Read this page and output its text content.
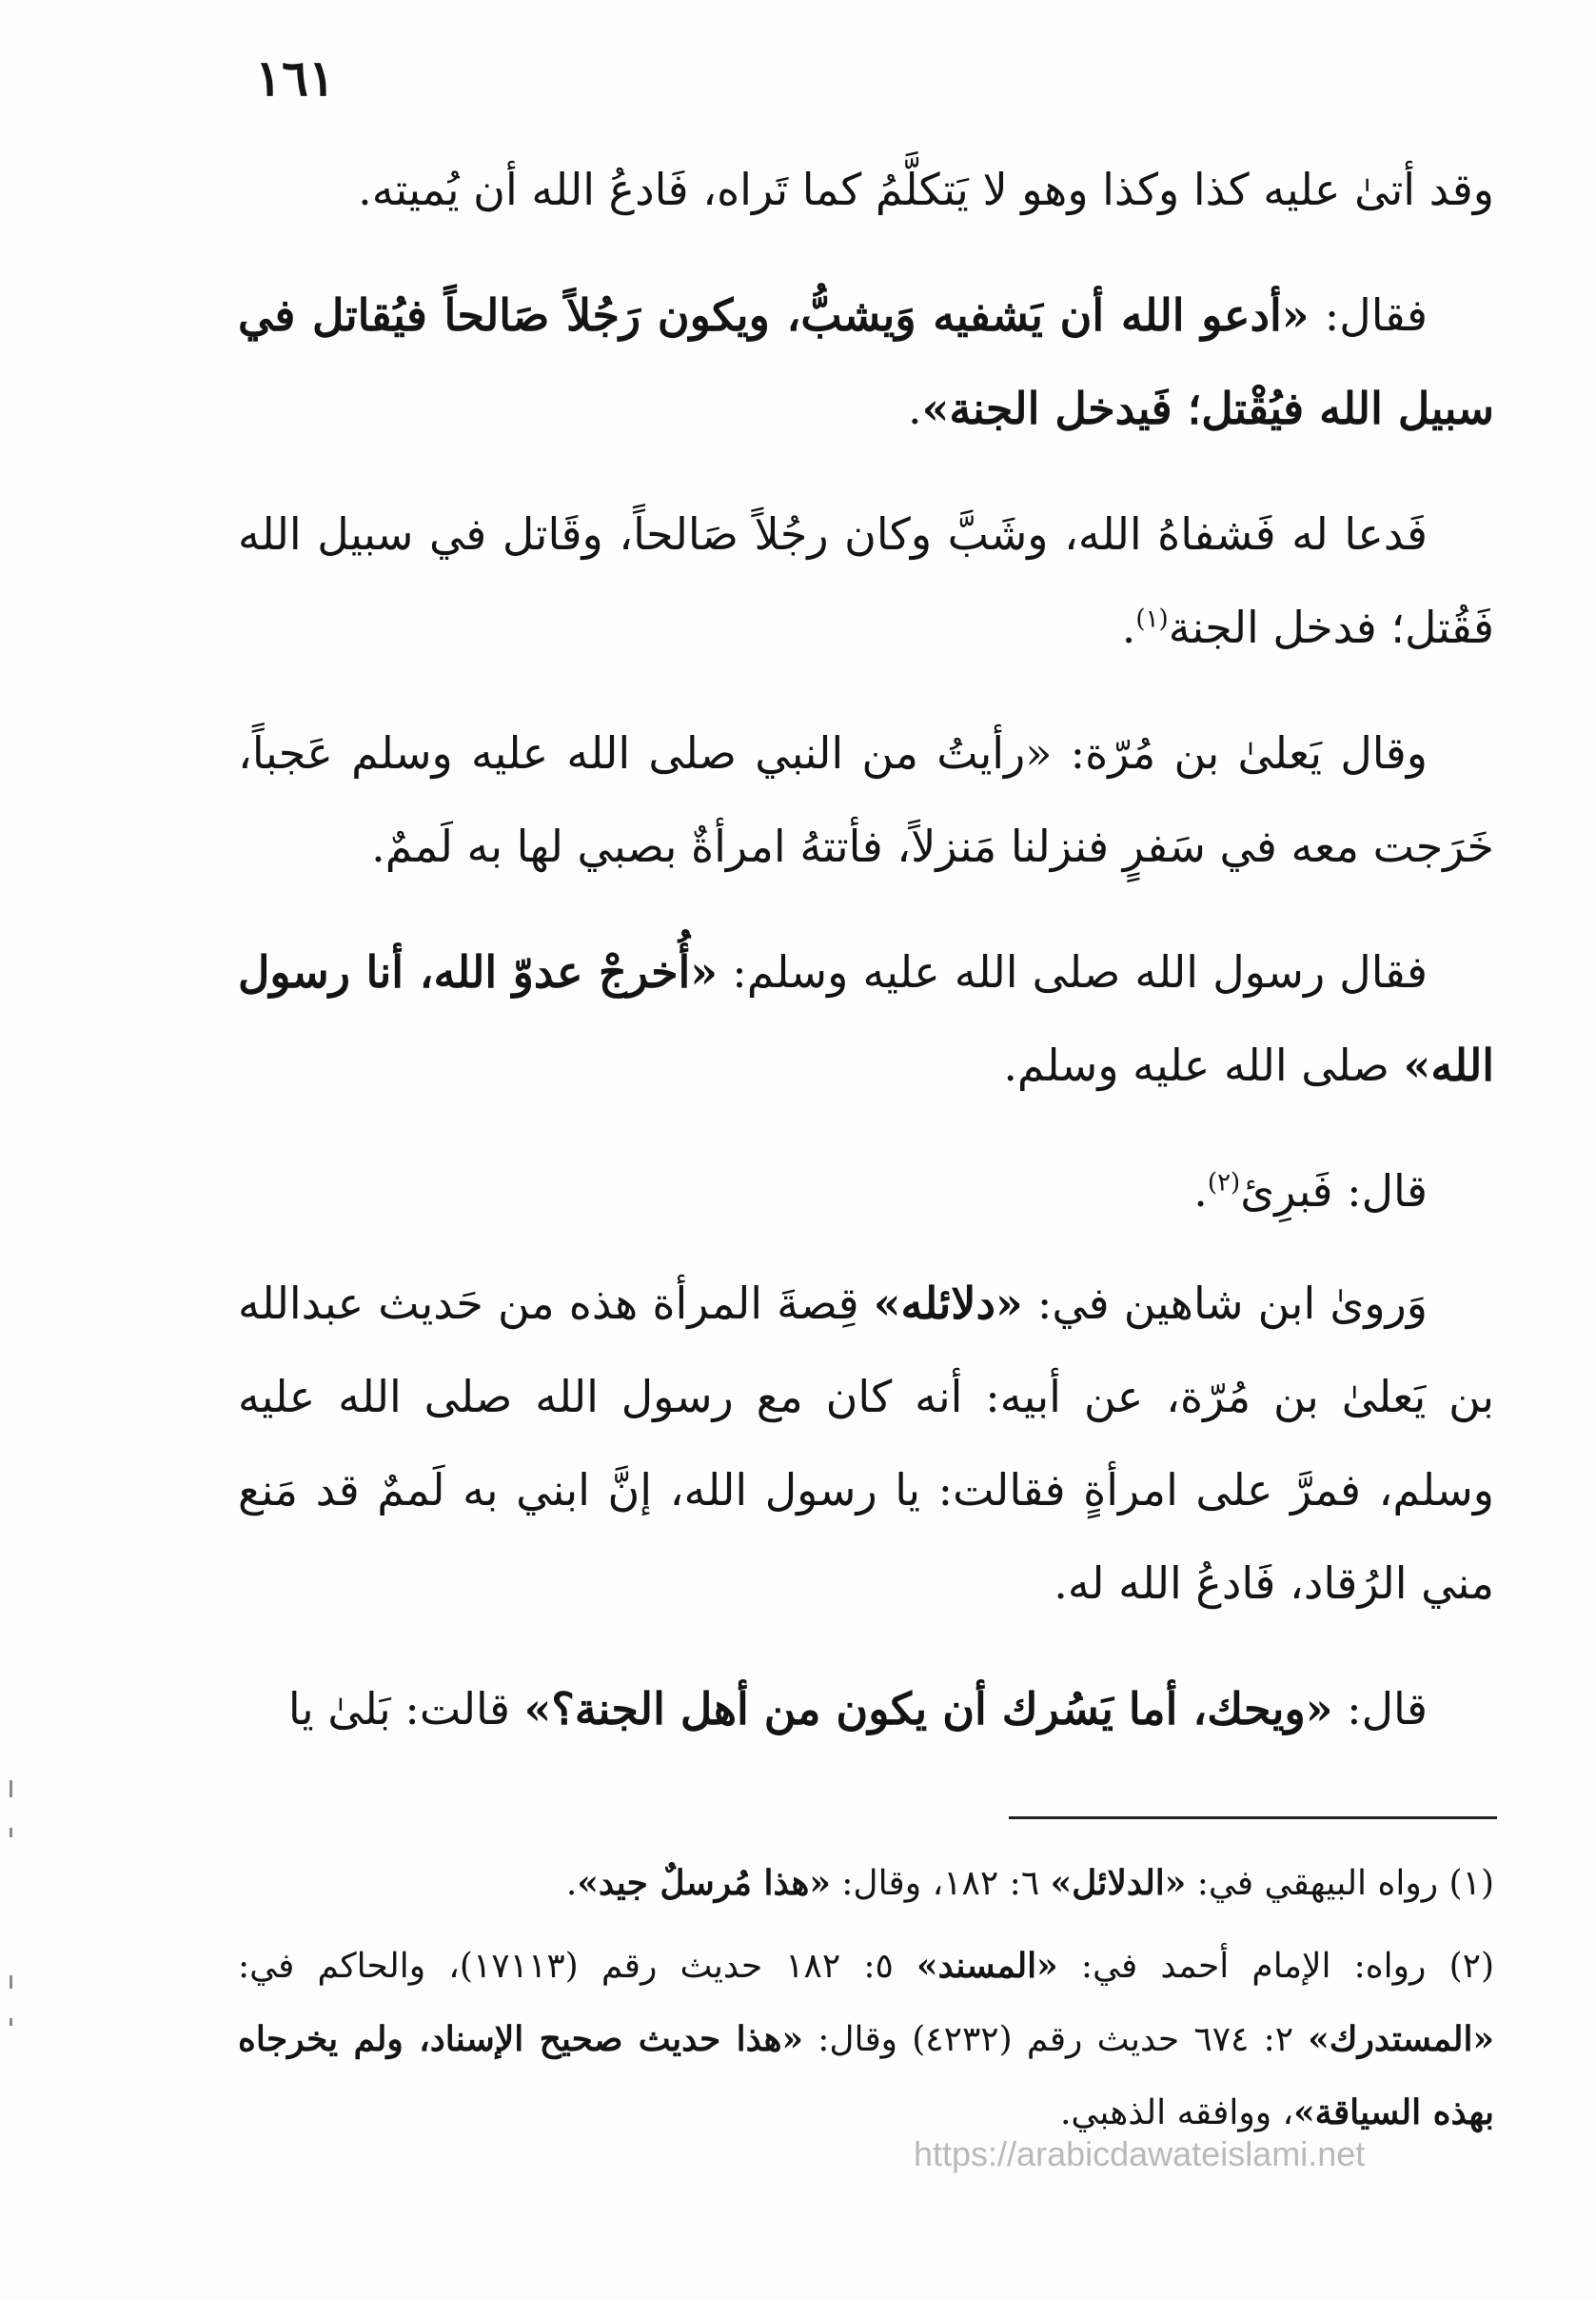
١٦١

وقد أتىٰ عليه كذا وكذا وهو لا يَتكلَّمُ كما تَراه، فَادعُ الله أن يُميته.

فقال: «أدعو الله أن يَشفيه وَيشبُّ، ويكون رَجُلاً صَالحاً فيُقاتل في سبيل الله فيُقْتل؛ فَيدخل الجنة».

فَدعا له فَشفاهُ الله، وشَبَّ وكان رجُلاً صَالحاً، وقَاتل في سبيل الله فَقُتل؛ فدخل الجنة$^{(١)}$.

وقال يَعلىٰ بن مُرّة: «رأيتُ من النبي صلى الله عليه وسلم عَجباً، خَرَجت معه في سَفرٍ فنزلنا مَنزلاً، فأتتهُ امرأةٌ بصبي لها به لَممٌ.

فقال رسول الله صلى الله عليه وسلم: «أُخرجْ عدوّ الله، أنا رسول الله» صلى الله عليه وسلم.

قال: فَبرِئ$^{(٢)}$.

وَروىٰ ابن شاهين في: «دلائله» قِصةَ المرأة هذه من حَديث عبدالله بن يَعلىٰ بن مُرّة، عن أبيه: أنه كان مع رسول الله صلى الله عليه وسلم، فمرَّ على امرأةٍ فقالت: يا رسول الله، إنَّ ابني به لَممٌ قد مَنع مني الرُقاد، فَادعُ الله له.

قال: «ويحك، أما يَسُرك أن يكون من أهل الجنة؟» قالت: بَلىٰ يا

(١) رواه البيهقي في: «الدلائل» ٦: ١٨٢، وقال: «هذا مُرسلٌ جيد».

(٢) رواه: الإمام أحمد في: «المسند» ٥: ١٨٢ حديث رقم (١٧١١٣)، والحاكم في: «المستدرك» ٢: ٦٧٤ حديث رقم (٤٢٣٢) وقال: «هذا حديث صحيح الإسناد، ولم يخرجاه بهذه السياقة»، ووافقه الذهبي.

https://arabicdawateislami.net
